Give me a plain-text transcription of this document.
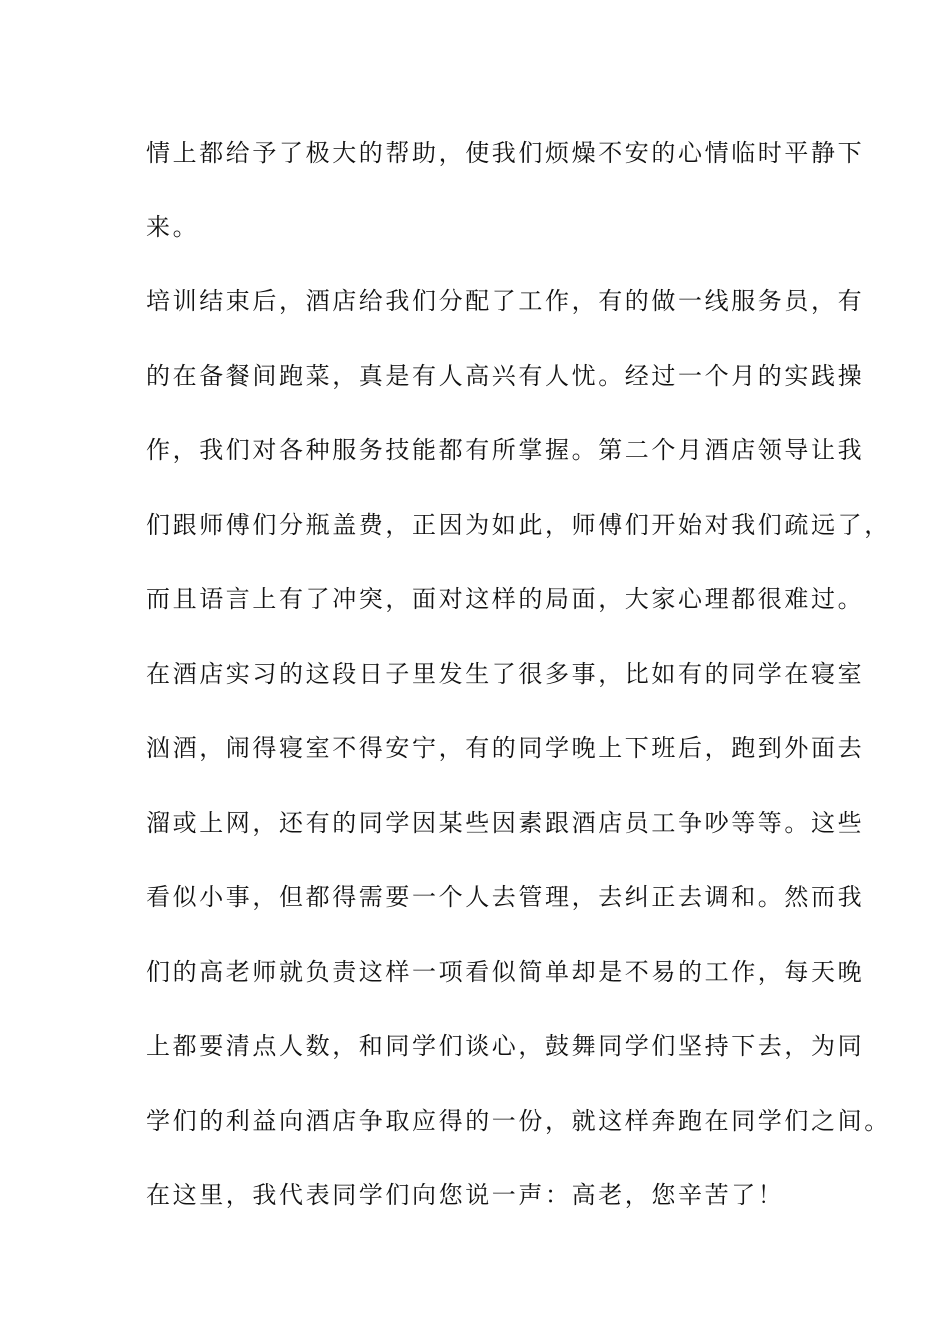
情上都给予了极大的帮助，使我们烦燥不安的心情临时平静下
来。
培训结束后，酒店给我们分配了工作，有的做一线服务员，有
的在备餐间跑菜，真是有人高兴有人忧。经过一个月的实践操
作，我们对各种服务技能都有所掌握。第二个月酒店领导让我
们跟师傅们分瓶盖费，正因为如此，师傅们开始对我们疏远了，
而且语言上有了冲突，面对这样的局面，大家心理都很难过。
在酒店实习的这段日子里发生了很多事，比如有的同学在寝室
汹酒，闹得寝室不得安宁，有的同学晚上下班后，跑到外面去
溜或上网，还有的同学因某些因素跟酒店员工争吵等等。这些
看似小事，但都得需要一个人去管理，去纠正去调和。然而我
们的高老师就负责这样一项看似简单却是不易的工作，每天晚
上都要清点人数，和同学们谈心，鼓舞同学们坚持下去，为同
学们的利益向酒店争取应得的一份，就这样奔跑在同学们之间。
在这里，我代表同学们向您说一声：高老，您辛苦了！
